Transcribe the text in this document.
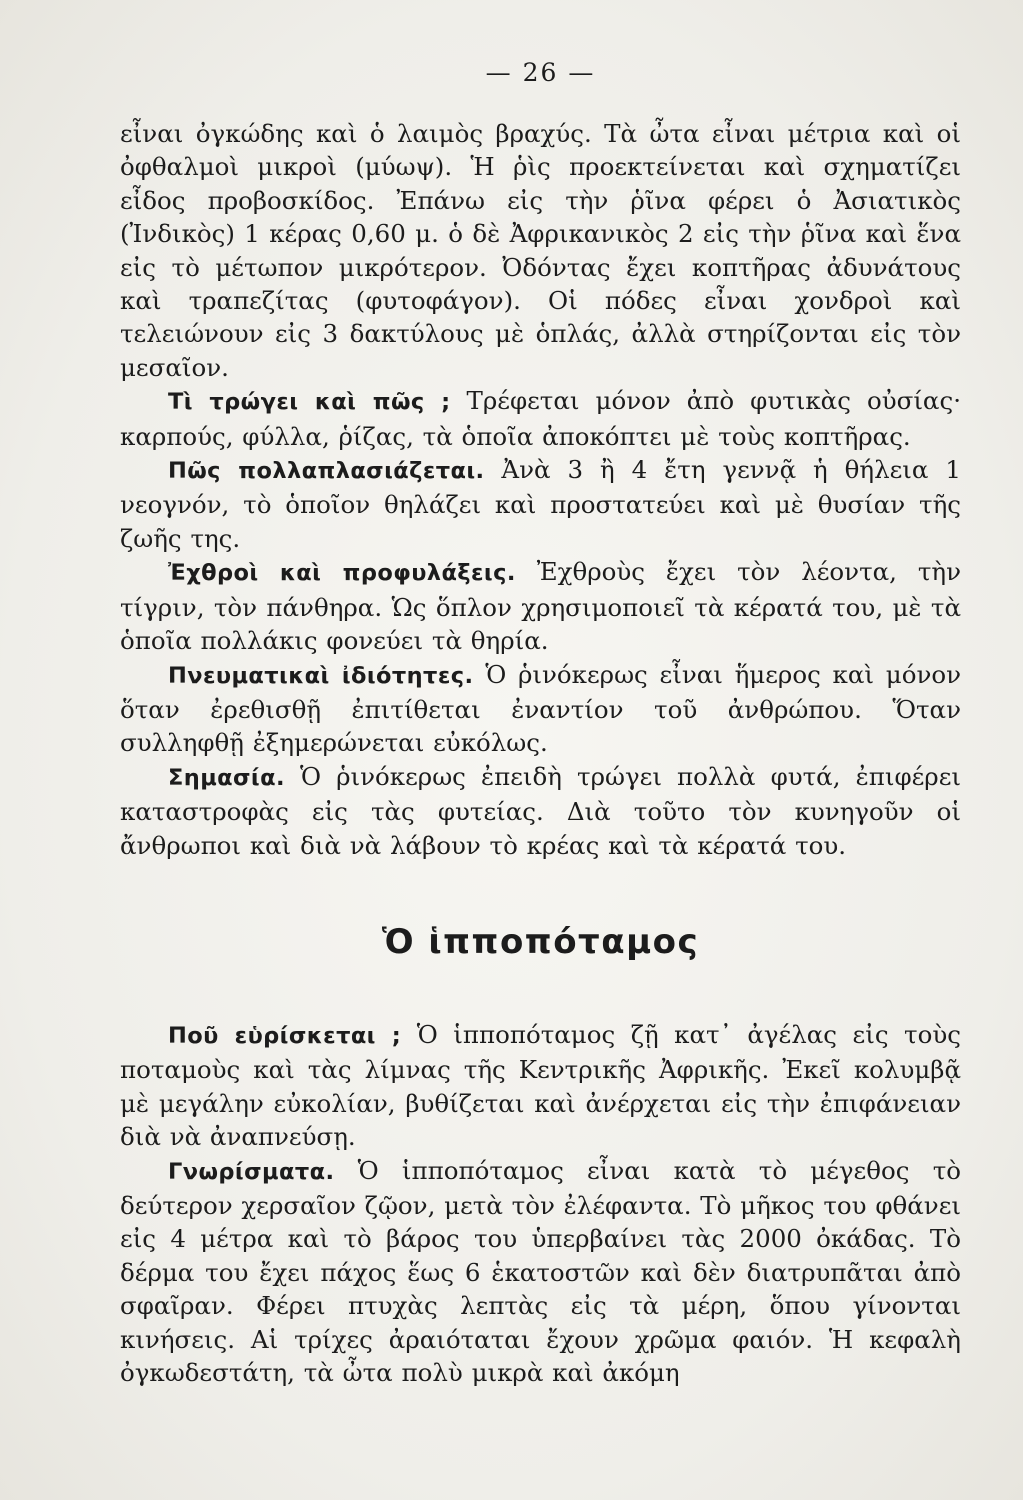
— 26 —

εἶναι ὀγκώδης καὶ ὁ λαιμὸς βραχύς. Τὰ ὦτα εἶναι μέτρια καὶ οἱ ὀφθαλμοὶ μικροὶ (μύωψ). Ἡ ῥὶς προεκτείνεται καὶ σχηματίζει εἶδος προβοσκίδος. Ἐπάνω εἰς τὴν ῥῖνα φέρει ὁ Ἀσιατικὸς (Ἰνδικὸς) 1 κέρας 0,60 μ. ὁ δὲ Ἀφρικανικὸς 2 εἰς τὴν ῥῖνα καὶ ἕνα εἰς τὸ μέτωπον μικρότερον. Ὀδόντας ἔχει κοπτῆρας ἀδυνάτους καὶ τραπεζίτας (φυτοφάγον). Οἱ πόδες εἶναι χονδροὶ καὶ τελειώνουν εἰς 3 δακτύλους μὲ ὁπλάς, ἀλλὰ στηρίζονται εἰς τὸν μεσαῖον.

Τὶ τρώγει καὶ πῶς ; Τρέφεται μόνον ἀπὸ φυτικὰς οὐσίας· καρπούς, φύλλα, ῥίζας, τὰ ὁποῖα ἀποκόπτει μὲ τοὺς κοπτῆρας.

Πῶς πολλαπλασιάζεται. Ἀνὰ 3 ἢ 4 ἔτη γεννᾷ ἡ θήλεια 1 νεογνόν, τὸ ὁποῖον θηλάζει καὶ προστατεύει καὶ μὲ θυσίαν τῆς ζωῆς της.

Ἐχθροὶ καὶ προφυλάξεις. Ἐχθροὺς ἔχει τὸν λέοντα, τὴν τίγριν, τὸν πάνθηρα. Ὡς ὅπλον χρησιμοποιεῖ τὰ κέρατά του, μὲ τὰ ὁποῖα πολλάκις φονεύει τὰ θηρία.

Πνευματικαὶ ἰδιότητες. Ὁ ῥινόκερως εἶναι ἥμερος καὶ μόνον ὅταν ἐρεθισθῇ ἐπιτίθεται ἐναντίον τοῦ ἀνθρώπου. Ὅταν συλληφθῇ ἐξημερώνεται εὐκόλως.

Σημασία. Ὁ ῥινόκερως ἐπειδὴ τρώγει πολλὰ φυτά, ἐπιφέρει καταστροφὰς εἰς τὰς φυτείας. Διὰ τοῦτο τὸν κυνηγοῦν οἱ ἄνθρωποι καὶ διὰ νὰ λάβουν τὸ κρέας καὶ τὰ κέρατά του.

Ὁ ἱπποπόταμος

Ποῦ εὑρίσκεται ; Ὁ ἱπποπόταμος ζῇ κατ᾽ ἀγέλας εἰς τοὺς ποταμοὺς καὶ τὰς λίμνας τῆς Κεντρικῆς Ἀφρικῆς. Ἐκεῖ κολυμβᾷ μὲ μεγάλην εὐκολίαν, βυθίζεται καὶ ἀνέρχεται εἰς τὴν ἐπιφάνειαν διὰ νὰ ἀναπνεύσῃ.

Γνωρίσματα. Ὁ ἱπποπόταμος εἶναι κατὰ τὸ μέγεθος τὸ δεύτερον χερσαῖον ζῷον, μετὰ τὸν ἐλέφαντα. Τὸ μῆκος του φθάνει εἰς 4 μέτρα καὶ τὸ βάρος του ὑπερβαίνει τὰς 2000 ὀκάδας. Τὸ δέρμα του ἔχει πάχος ἕως 6 ἑκατοστῶν καὶ δὲν διατρυπᾶται ἀπὸ σφαῖραν. Φέρει πτυχὰς λεπτὰς εἰς τὰ μέρη, ὅπου γίνονται κινήσεις. Αἱ τρίχες ἀραιόταται ἔχουν χρῶμα φαιόν. Ἡ κεφαλὴ ὀγκωδεστάτη, τὰ ὦτα πολὺ μικρὰ καὶ ἀκόμη
